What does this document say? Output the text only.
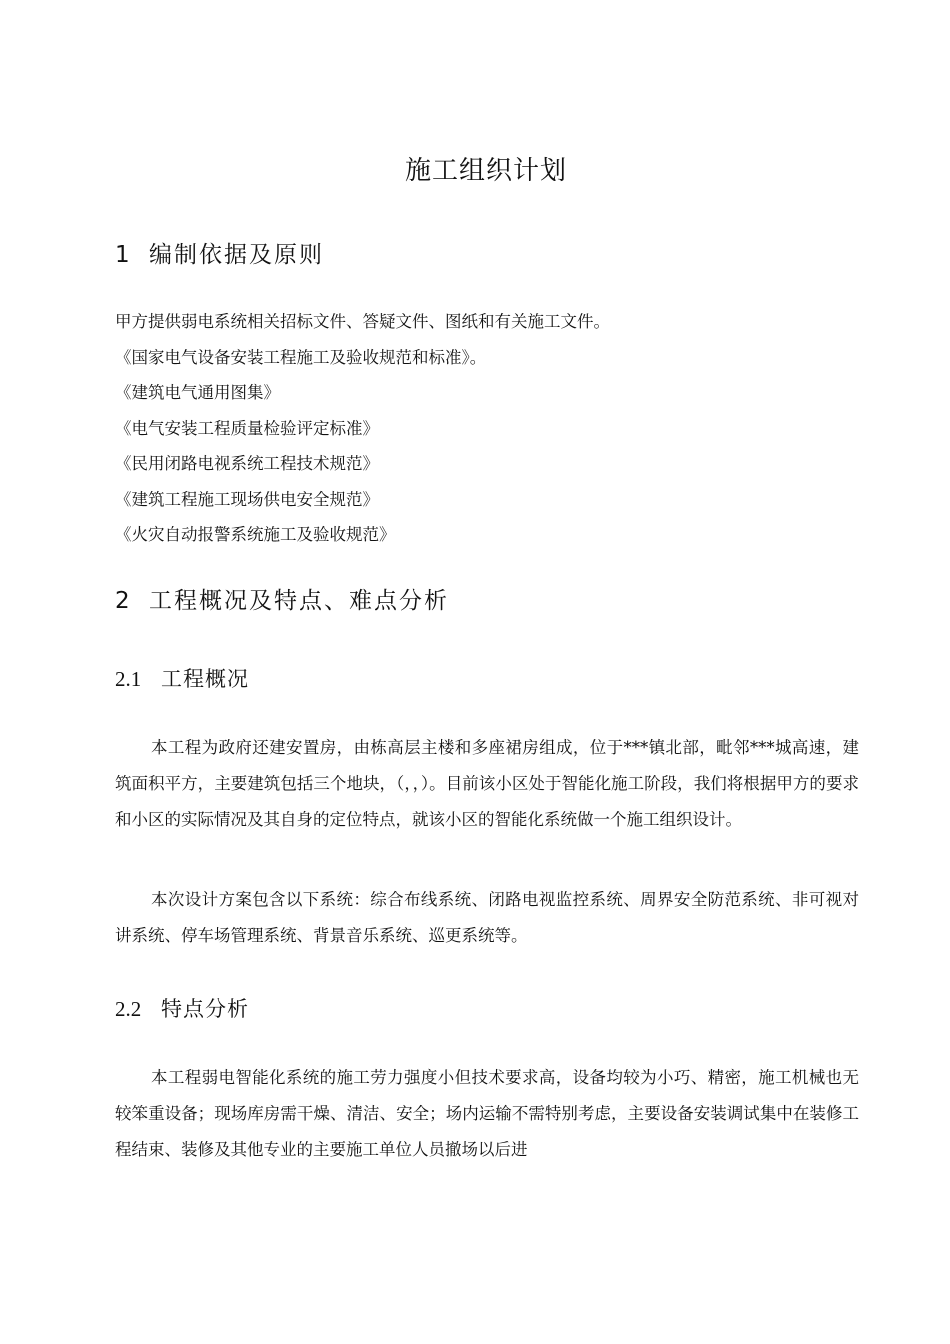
施工组织计划
1 编制依据及原则
甲方提供弱电系统相关招标文件、答疑文件、图纸和有关施工文件。
《国家电气设备安装工程施工及验收规范和标准》。
《建筑电气通用图集》
《电气安装工程质量检验评定标准》
《民用闭路电视系统工程技术规范》
《建筑工程施工现场供电安全规范》
《火灾自动报警系统施工及验收规范》
2 工程概况及特点、难点分析
2.1 工程概况

本工程为政府还建安置房，由栋高层主楼和多座裙房组成，位于***镇北部，毗邻***城高速，建筑面积平方，主要建筑包括三个地块，（，，）。目前该小区处于智能化施工阶段，我们将根据甲方的要求和小区的实际情况及其自身的定位特点，就该小区的智能化系统做一个施工组织设计。

本次设计方案包含以下系统：综合布线系统、闭路电视监控系统、周界安全防范系统、非可视对讲系统、停车场管理系统、背景音乐系统、巡更系统等。

2.2 特点分析

本工程弱电智能化系统的施工劳力强度小但技术要求高，设备均较为小巧、精密，施工机械也无较笨重设备；现场库房需干燥、清洁、安全；场内运输不需特别考虑，主要设备安装调试集中在装修工程结束、装修及其他专业的主要施工单位人员撤场以后进
